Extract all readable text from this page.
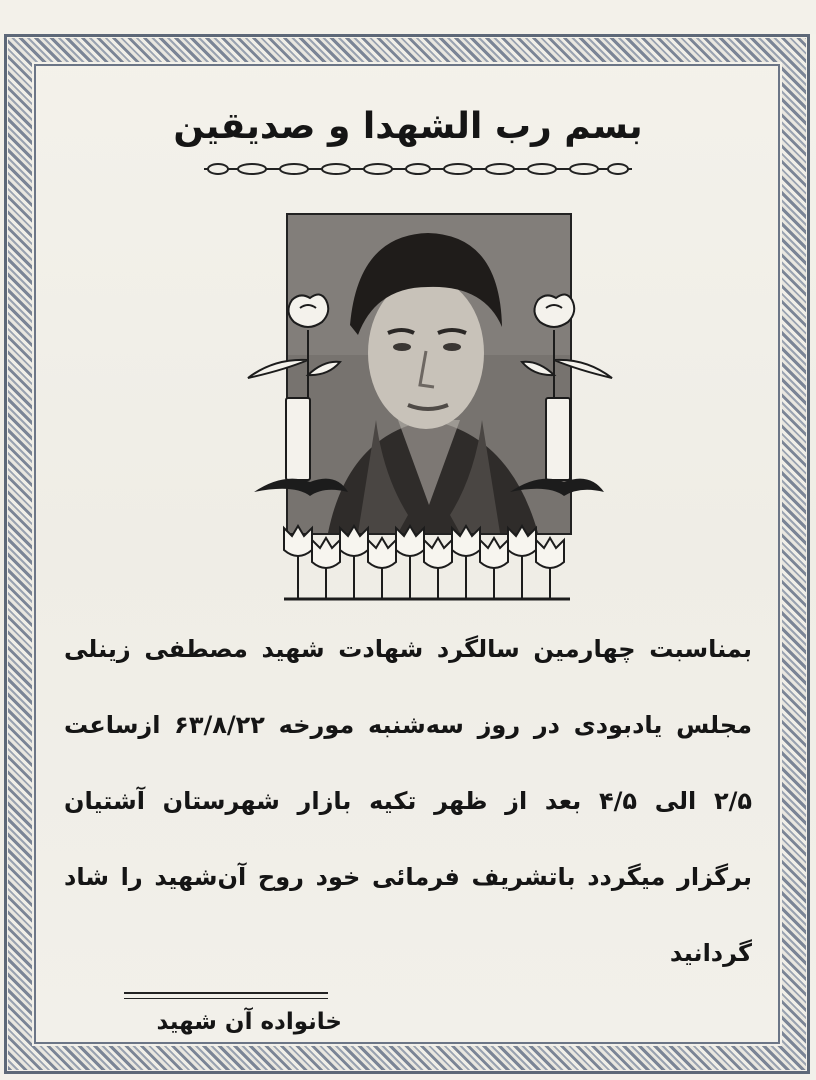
بسم رب الشهدا و صديقين
بمناسبت چهارمین سالگرد شهادت شهید مصطفی زینلی
مجلس یادبودی در روز سه‌شنبه مورخه ۶۳/۸/۲۲ ازساعت
۲/۵ الی ۴/۵ بعد از ظهر تکیه بازار شهرستان آشتیان
برگزار میگردد باتشریف فرمائی خود روح آن‌شهید را شاد
گردانید
خانواده آن شهید
